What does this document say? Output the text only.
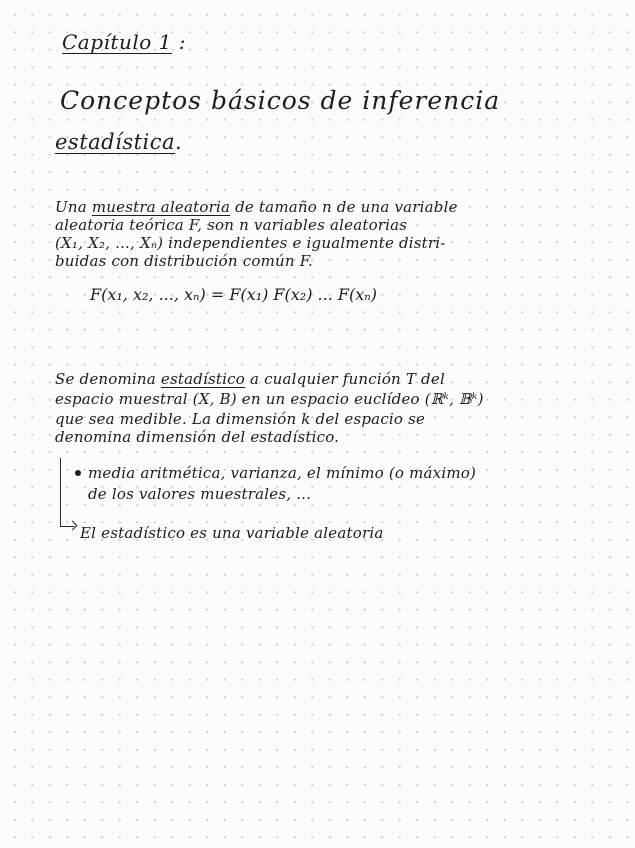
Capítulo 1 :
Conceptos básicos de inferencia
estadística.
Una muestra aleatoria de tamaño n de una variable
aleatoria teórica F, son n variables aleatorias
(X₁, X₂, ..., Xₙ) independientes e igualmente distri-
buidas con distribución común F.
F(x₁, x₂, ..., xₙ) = F(x₁) F(x₂) ... F(xₙ)
Se denomina estadístico a cualquier función T del
espacio muestral (X, B) en un espacio euclídeo (ℝᵏ, 𝔹ᵏ)
que sea medible. La dimensión k del espacio se
denomina dimensión del estadístico.
media aritmética, varianza, el mínimo (o máximo)
de los valores muestrales, ...
El estadístico es una variable aleatoria
